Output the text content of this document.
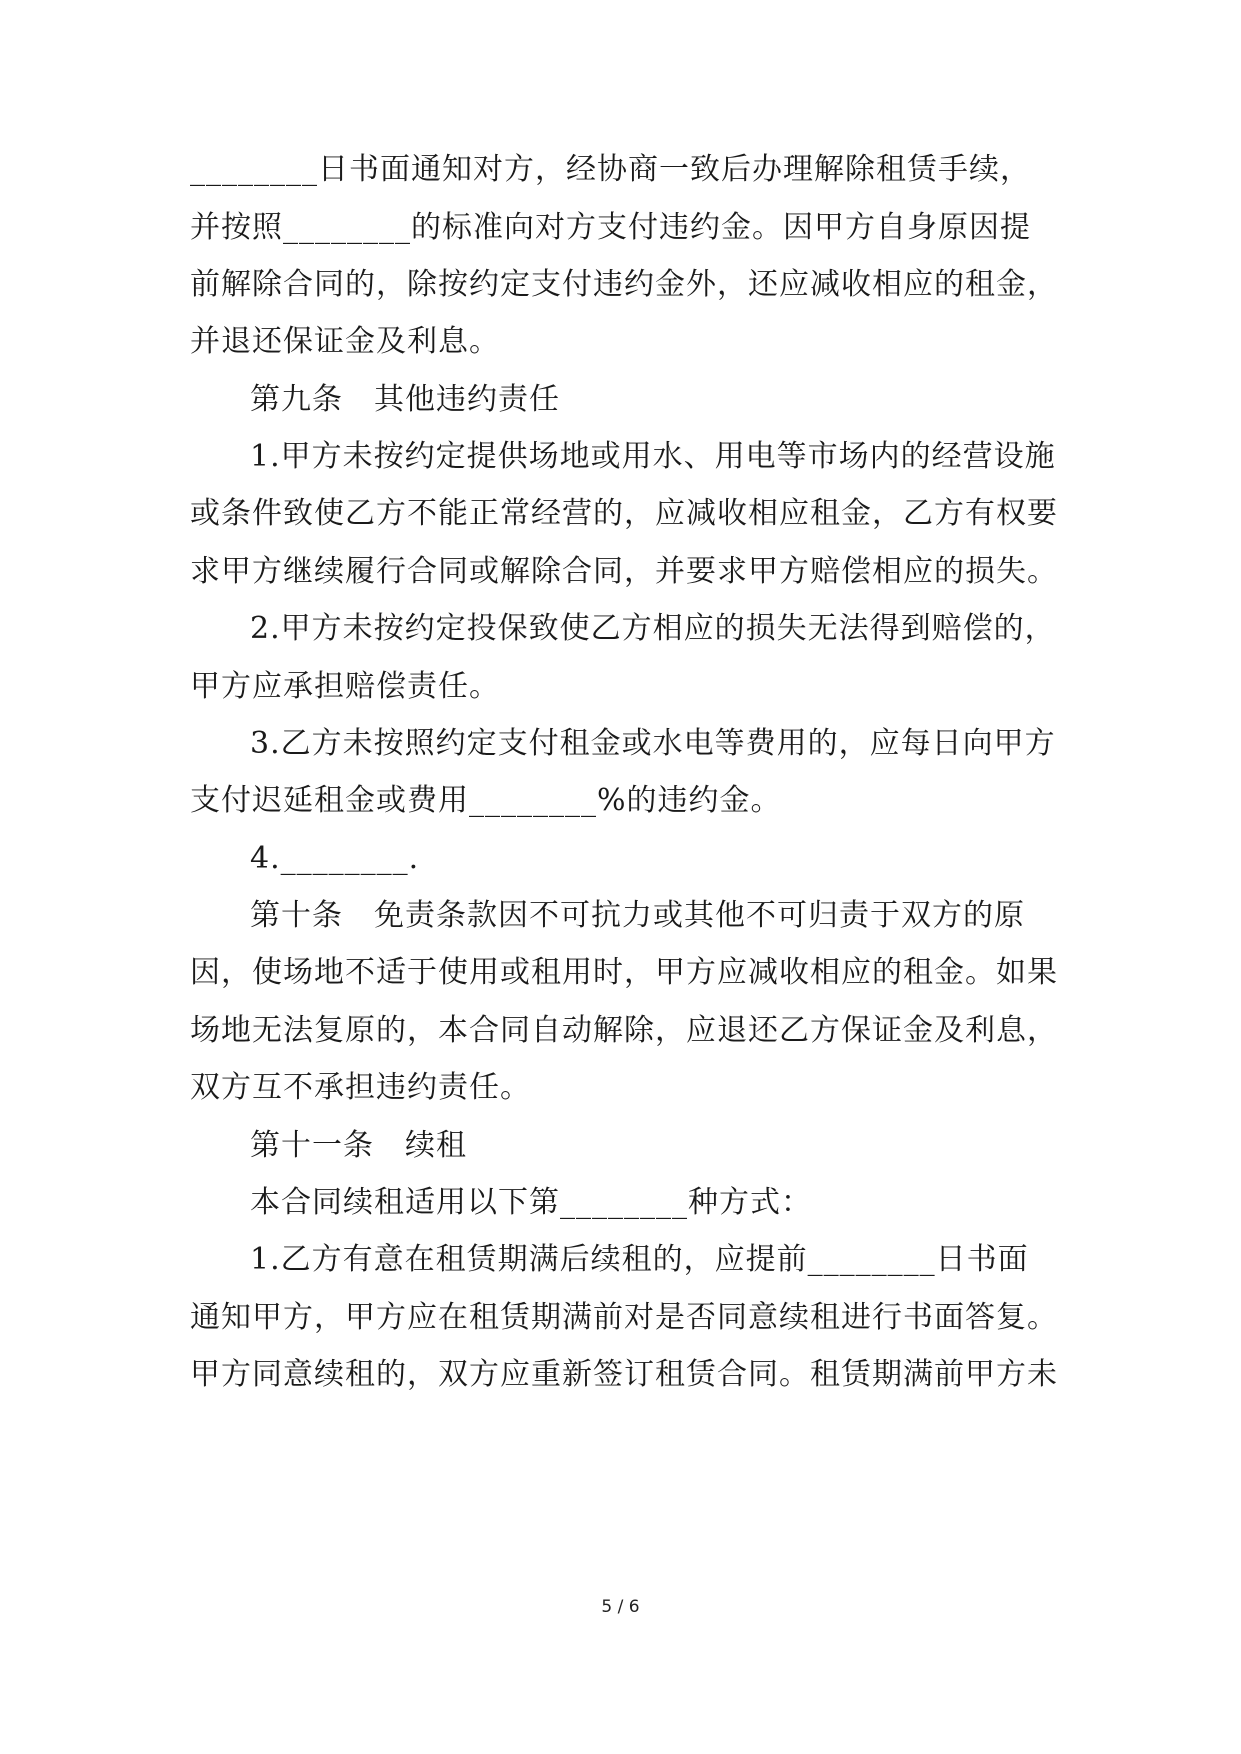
________日书面通知对方，经协商一致后办理解除租赁手续，
并按照________的标准向对方支付违约金。因甲方自身原因提
前解除合同的，除按约定支付违约金外，还应减收相应的租金，
并退还保证金及利息。
第九条　其他违约责任
1.甲方未按约定提供场地或用水、用电等市场内的经营设施
或条件致使乙方不能正常经营的，应减收相应租金，乙方有权要
求甲方继续履行合同或解除合同，并要求甲方赔偿相应的损失。
2.甲方未按约定投保致使乙方相应的损失无法得到赔偿的，
甲方应承担赔偿责任。
3.乙方未按照约定支付租金或水电等费用的，应每日向甲方
支付迟延租金或费用________%的违约金。
4.________.
第十条　免责条款因不可抗力或其他不可归责于双方的原
因，使场地不适于使用或租用时，甲方应减收相应的租金。如果
场地无法复原的，本合同自动解除，应退还乙方保证金及利息，
双方互不承担违约责任。
第十一条　续租
本合同续租适用以下第________种方式：
1.乙方有意在租赁期满后续租的，应提前________日书面
通知甲方，甲方应在租赁期满前对是否同意续租进行书面答复。
甲方同意续租的，双方应重新签订租赁合同。租赁期满前甲方未
5 / 6
